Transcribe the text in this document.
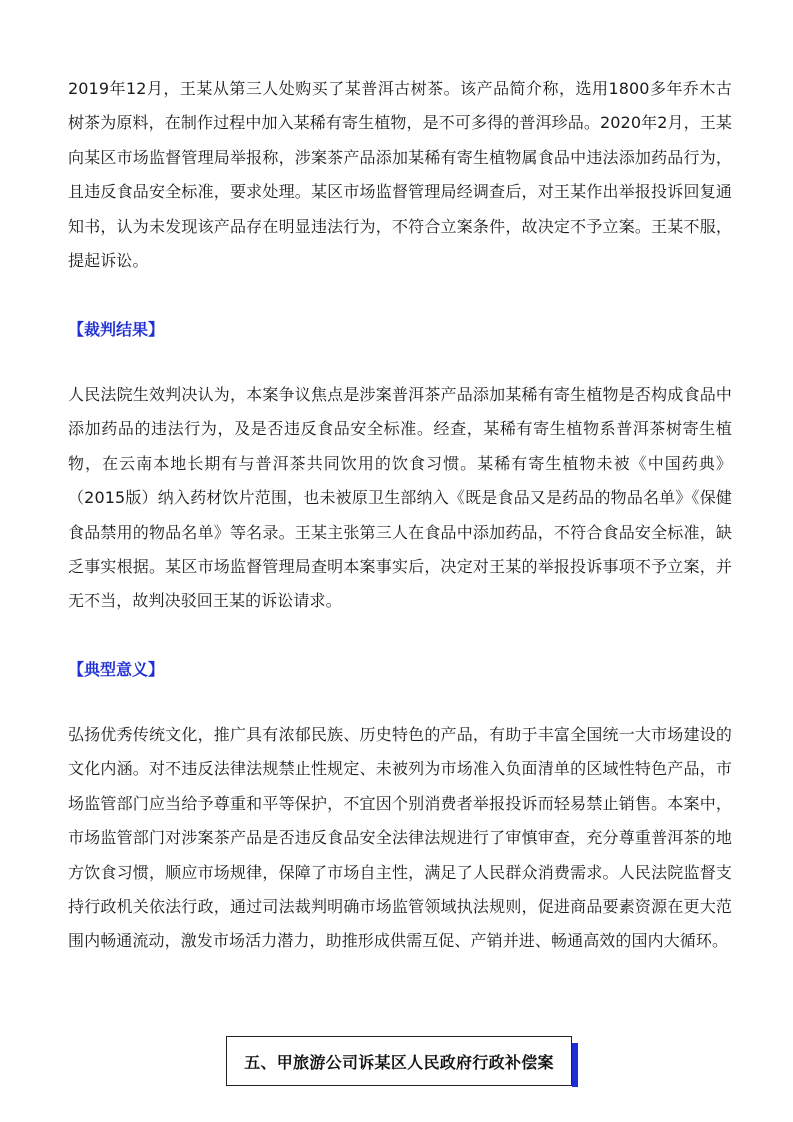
2019年12月，王某从第三人处购买了某普洱古树茶。该产品简介称，选用1800多年乔木古树茶为原料，在制作过程中加入某稀有寄生植物，是不可多得的普洱珍品。2020年2月，王某向某区市场监督管理局举报称，涉案茶产品添加某稀有寄生植物属食品中违法添加药品行为，且违反食品安全标准，要求处理。某区市场监督管理局经调查后，对王某作出举报投诉回复通知书，认为未发现该产品存在明显违法行为，不符合立案条件，故决定不予立案。王某不服，提起诉讼。

【裁判结果】

人民法院生效判决认为，本案争议焦点是涉案普洱茶产品添加某稀有寄生植物是否构成食品中添加药品的违法行为，及是否违反食品安全标准。经查，某稀有寄生植物系普洱茶树寄生植物，在云南本地长期有与普洱茶共同饮用的饮食习惯。某稀有寄生植物未被《中国药典》（2015版）纳入药材饮片范围，也未被原卫生部纳入《既是食品又是药品的物品名单》《保健食品禁用的物品名单》等名录。王某主张第三人在食品中添加药品，不符合食品安全标准，缺乏事实根据。某区市场监督管理局查明本案事实后，决定对王某的举报投诉事项不予立案，并无不当，故判决驳回王某的诉讼请求。

【典型意义】

弘扬优秀传统文化，推广具有浓郁民族、历史特色的产品，有助于丰富全国统一大市场建设的文化内涵。对不违反法律法规禁止性规定、未被列为市场准入负面清单的区域性特色产品，市场监管部门应当给予尊重和平等保护，不宜因个别消费者举报投诉而轻易禁止销售。本案中，市场监管部门对涉案茶产品是否违反食品安全法律法规进行了审慎审查，充分尊重普洱茶的地方饮食习惯，顺应市场规律，保障了市场自主性，满足了人民群众消费需求。人民法院监督支持行政机关依法行政，通过司法裁判明确市场监管领域执法规则，促进商品要素资源在更大范围内畅通流动，激发市场活力潜力，助推形成供需互促、产销并进、畅通高效的国内大循环。

五、甲旅游公司诉某区人民政府行政补偿案
